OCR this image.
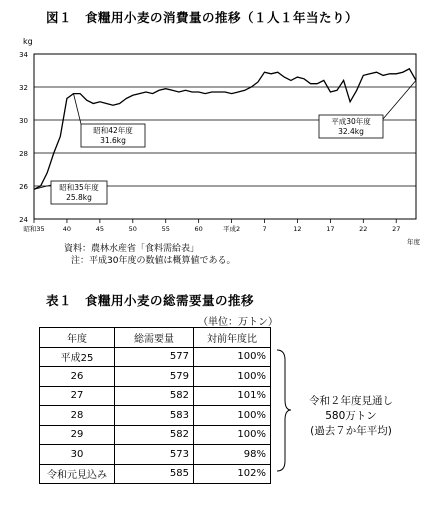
図１　食糧用小麦の消費量の推移（１人１年当たり）
24
26
28
30
32
34
kg
昭和35	40	45	50	55	60	平成2	7	12	17	22	27
年度
昭和35年度
25.8kg
昭和42年度
31.6kg
平成30年度
32.4kg
資料：農林水産省「食料需給表」
注：平成30年度の数値は概算値である。
表１　食糧用小麦の総需要量の推移
（単位：万トン）
年度	総需要量	対前年度比
平成25	577	100%
26	579	100%
27	582	101%
28	583	100%
29	582	100%
30	573	98%
令和元見込み	585	102%
令和２年度見通し
580万トン
(過去７か年平均)
